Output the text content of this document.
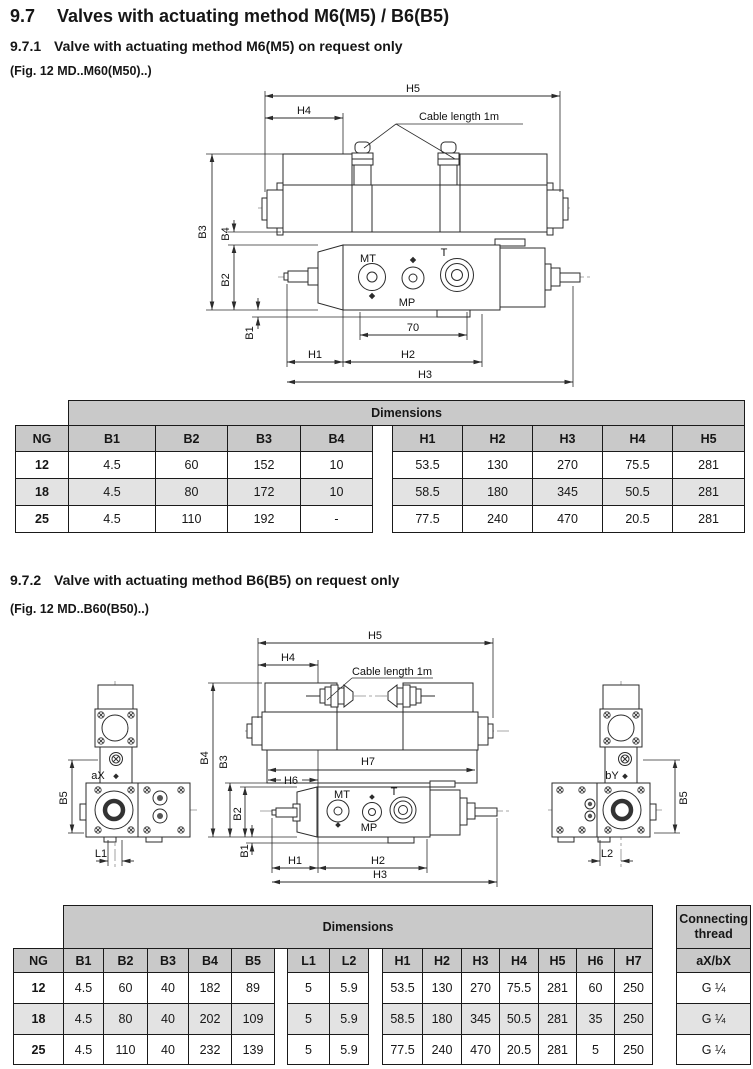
9.7 Valves with actuating method M6(M5) / B6(B5)
9.7.1 Valve with actuating method M6(M5) on request only
(Fig. 12 MD..M60(M50)..)
MT	T
MP
Cable length 1m
H5
H4
B3 B4
B2
B1	70
H1	H2
H3
	Dimensions									
NG	B1	B2	B3	B4		H1	H2	H3	H4	H5
12	4.5	60	152	10		53.5	130	270	75.5	281
18	4.5	80	172	10		58.5	180	345	50.5	281
25	4.5	110	192	-		77.5	240	470	20.5	281
9.7.2 Valve with actuating method B6(B5) on request only
(Fig. 12 MD..B60(B50)..)
aX
B5
L1
bY
B5
L2
MT	T
MP
Cable length 1m
H5
H4
H7
H6
B4 B3
B2
B1
H1	H2
H3
	Dimensions																	Connecting thread
NG	B1	B2	B3	B4	B5		L1	L2		H1	H2	H3	H4	H5	H6	H7		aX/bX
12	4.5	60	40	182	89		5	5.9		53.5	130	270	75.5	281	60	250		G ¼
18	4.5	80	40	202	109		5	5.9		58.5	180	345	50.5	281	35	250		G ¼
25	4.5	110	40	232	139		5	5.9		77.5	240	470	20.5	281	5	250		G ¼
